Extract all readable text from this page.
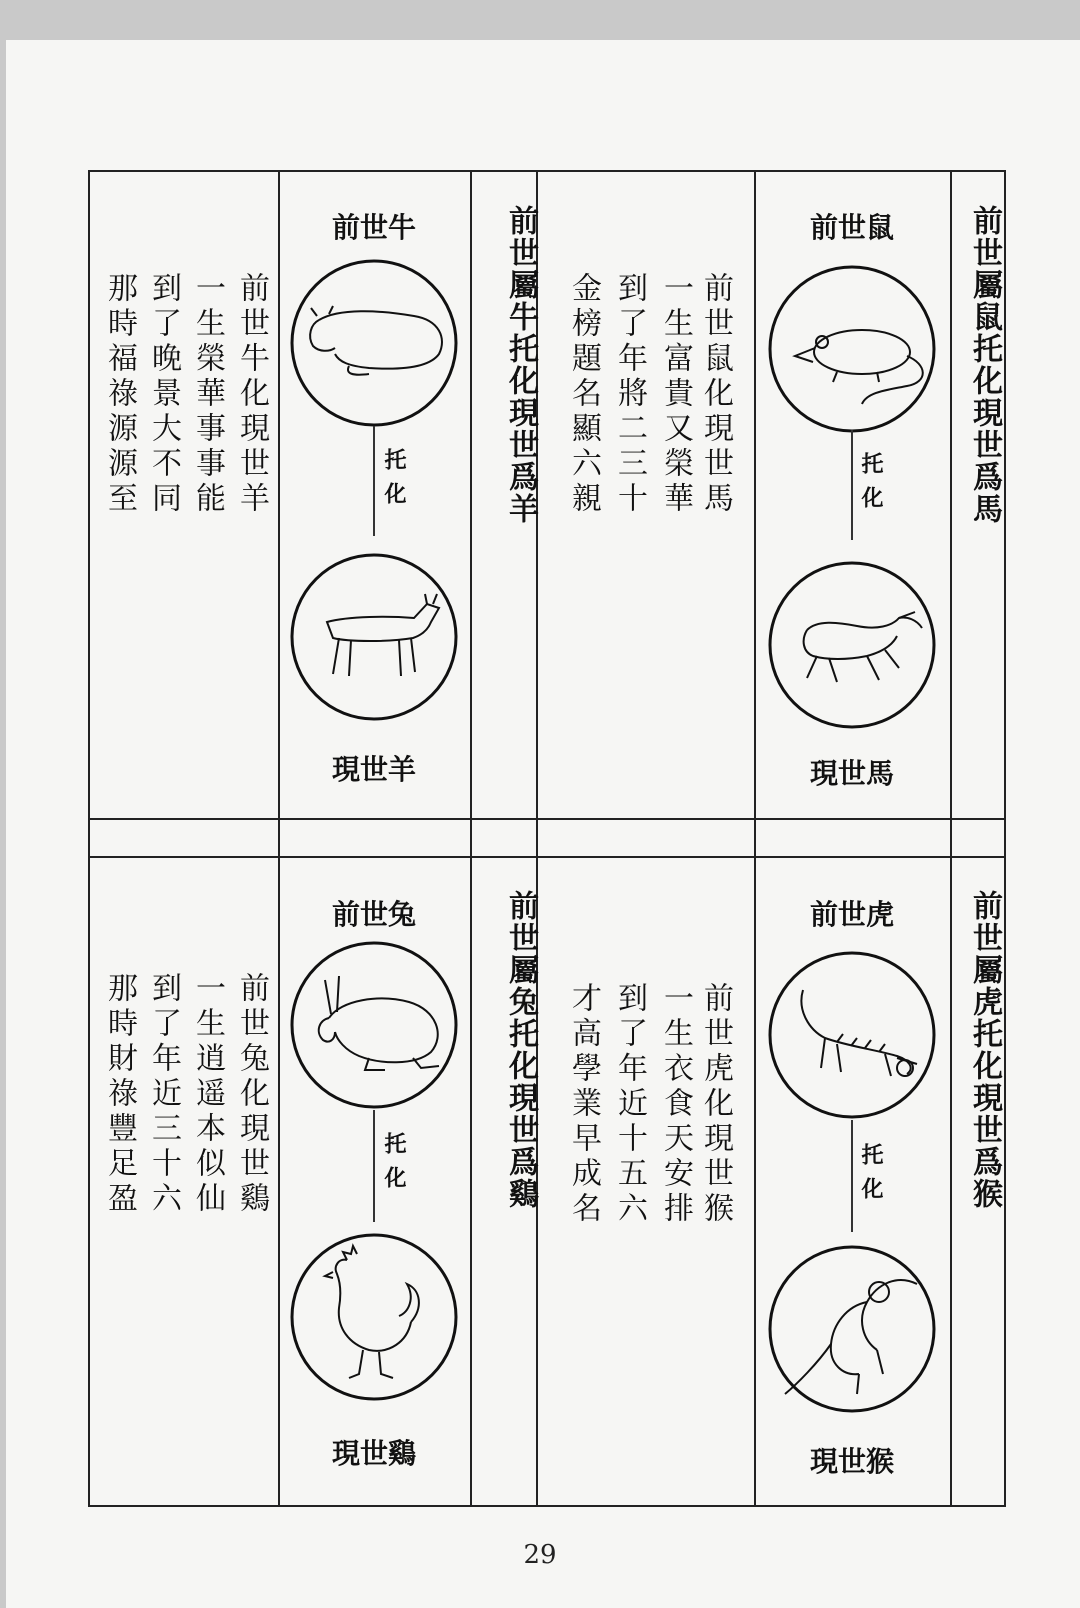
前世屬鼠托化現世爲馬
前世鼠
托化
現世馬
前世鼠化現世馬
一生富貴又榮華
到了年將二三十
金榜題名顯六親
前世屬牛托化現世爲羊
前世牛
托化
現世羊
前世牛化現世羊
一生榮華事事能
到了晚景大不同
那時福祿源源至
前世屬虎托化現世爲猴
前世虎
托化
現世猴
前世虎化現世猴
一生衣食天安排
到了年近十五六
才高學業早成名
前世屬兔托化現世爲鷄
前世兔
托化
現世鷄
前世兔化現世鷄
一生逍遥本似仙
到了年近三十六
那時財祿豐足盈
29
